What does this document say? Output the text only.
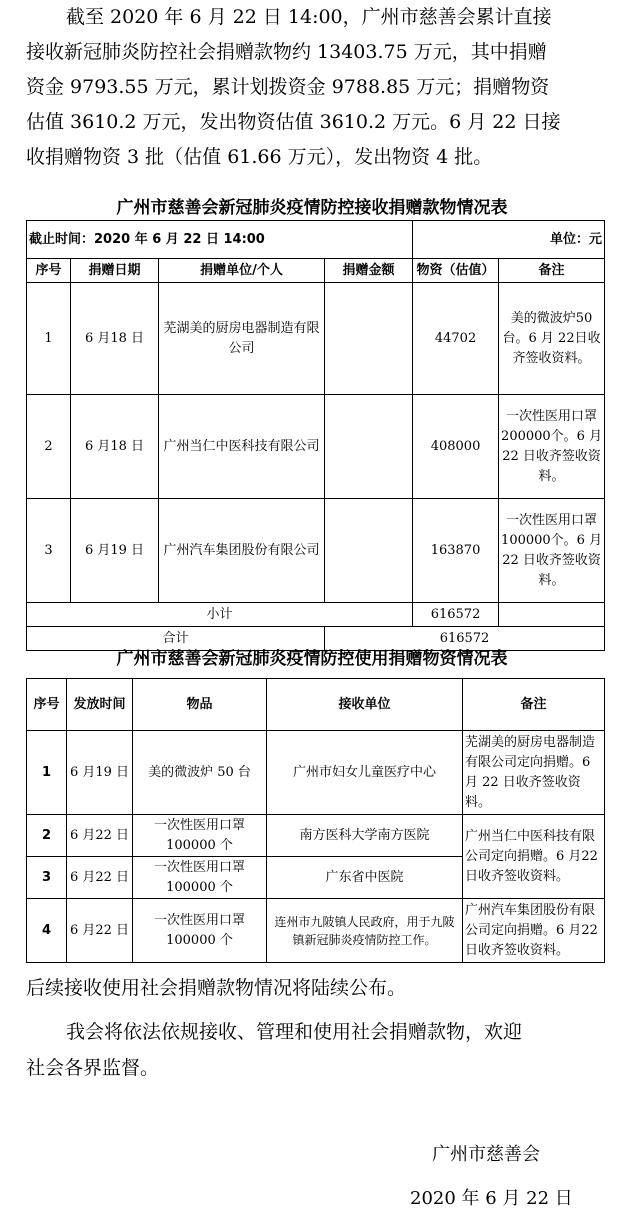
截至 2020 年 6 月 22 日 14:00，广州市慈善会累计直接
接收新冠肺炎防控社会捐赠款物约 13403.75 万元，其中捐赠
资金 9793.55 万元，累计划拨资金 9788.85 万元；捐赠物资
估值 3610.2 万元，发出物资估值 3610.2 万元。6 月 22 日接
收捐赠物资 3 批（估值 61.66 万元），发出物资 4 批。
广州市慈善会新冠肺炎疫情防控接收捐赠款物情况表
截止时间：2020 年 6 月 22 日 14:00				单位：元	
序号	捐赠日期	捐赠单位/个人	捐赠金额	物资（估值）	备注
1	6 月18 日	芜湖美的厨房电器制造有限公司		44702	美的微波炉50台。6 月 22日收齐签收资料。
2	6 月18 日	广州当仁中医科技有限公司		408000	一次性医用口罩 200000个。6 月 22 日收齐签收资料。
3	6 月19 日	广州汽车集团股份有限公司		163870	一次性医用口罩 100000个。6 月 22 日收齐签收资料。
小计				616572	
合计			616572		
广州市慈善会新冠肺炎疫情防控使用捐赠物资情况表
序号	发放时间	物品	接收单位	备注
1	6 月19 日	美的微波炉 50 台	广州市妇女儿童医疗中心	芜湖美的厨房电器制造有限公司定向捐赠。6 月 22 日收齐签收资料。
2	6 月22 日	一次性医用口罩 100000 个	南方医科大学南方医院	广州当仁中医科技有限公司定向捐赠。6 月22 日收齐签收资料。
3	6 月22 日	一次性医用口罩 100000 个	广东省中医院	
4	6 月22 日	一次性医用口罩 100000 个	连州市九陂镇人民政府，用于九陂镇新冠肺炎疫情防控工作。	广州汽车集团股份有限公司定向捐赠。6 月22 日收齐签收资料。
后续接收使用社会捐赠款物情况将陆续公布。
我会将依法依规接收、管理和使用社会捐赠款物，欢迎
社会各界监督。
广州市慈善会
2020 年 6 月 22 日
